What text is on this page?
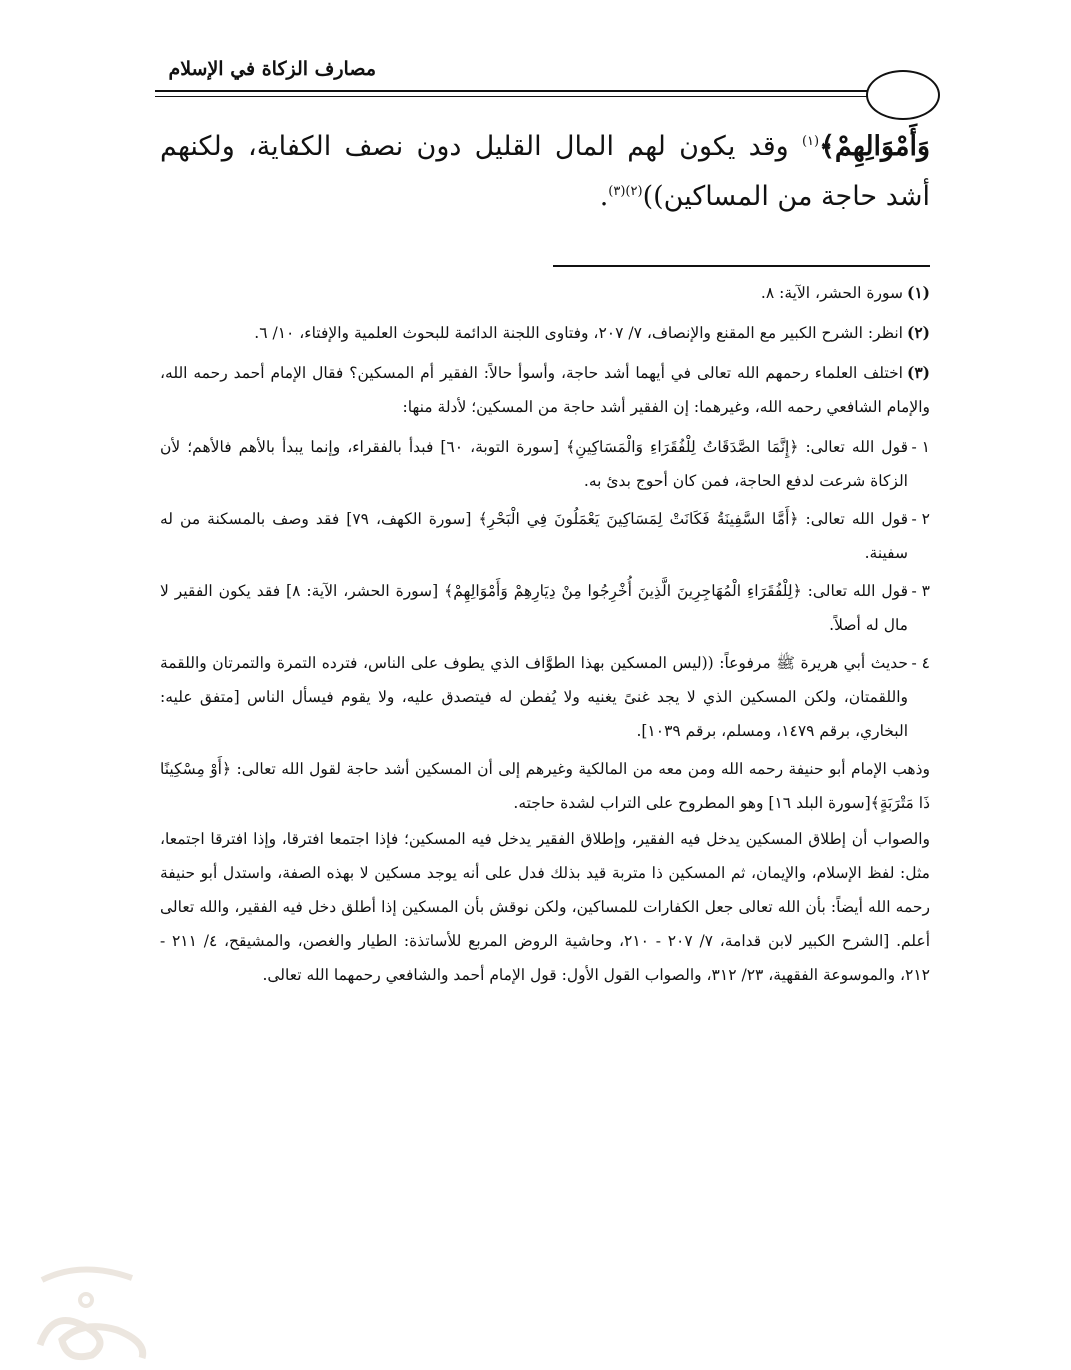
مصارف الزكاة في الإسلام
وَأَمْوَالِهِمْ﴾$^{(١)}$ وقد يكون لهم المال القليل دون نصف الكفاية، ولكنهم أشد حاجة من المساكين))$^{(٢)(٣)}$.
(١)سورة الحشر، الآية: ٨.
(٢)انظر: الشرح الكبير مع المقنع والإنصاف، ٧/ ٢٠٧، وفتاوى اللجنة الدائمة للبحوث العلمية والإفتاء، ١٠/ ٦.
(٣)اختلف العلماء رحمهم الله تعالى في أيهما أشد حاجة، وأسوأ حالاً: الفقير أم المسكين؟ فقال الإمام أحمد رحمه الله، والإمام الشافعي رحمه الله، وغيرهما: إن الفقير أشد حاجة من المسكين؛ لأدلة منها:
١ -
قول الله تعالى: ﴿إِنَّمَا الصَّدَقَاتُ لِلْفُقَرَاءِ وَالْمَسَاكِينِ﴾ [سورة التوبة، ٦٠] فبدأ بالفقراء، وإنما يبدأ بالأهم فالأهم؛ لأن الزكاة شرعت لدفع الحاجة، فمن كان أحوج بدئ به.
٢ -
قول الله تعالى: ﴿أَمَّا السَّفِينَةُ فَكَانَتْ لِمَسَاكِينَ يَعْمَلُونَ فِي الْبَحْرِ﴾ [سورة الكهف، ٧٩] فقد وصف بالمسكنة من له سفينة.
٣ -
قول الله تعالى: ﴿لِلْفُقَرَاءِ الْمُهَاجِرِينَ الَّذِينَ أُخْرِجُوا مِنْ دِيَارِهِمْ وَأَمْوَالِهِمْ﴾ [سورة الحشر، الآية: ٨] فقد يكون الفقير لا مال له أصلاً.
٤ -
حديث أبي هريرة ﷺ مرفوعاً: ((ليس المسكين بهذا الطوَّاف الذي يطوف على الناس، فترده التمرة والتمرتان واللقمة واللقمتان، ولكن المسكين الذي لا يجد غنىً يغنيه ولا يُفطن له فيتصدق عليه، ولا يقوم فيسأل الناس [متفق عليه: البخاري، برقم ١٤٧٩، ومسلم، برقم ١٠٣٩].
وذهب الإمام أبو حنيفة رحمه الله ومن معه من المالكية وغيرهم إلى أن المسكين أشد حاجة لقول الله تعالى: ﴿أَوْ مِسْكِينًا ذَا مَتْرَبَةٍ﴾[سورة البلد ١٦] وهو المطروح على التراب لشدة حاجته.
والصواب أن إطلاق المسكين يدخل فيه الفقير، وإطلاق الفقير يدخل فيه المسكين؛ فإذا اجتمعا افترقا، وإذا افترقا اجتمعا، مثل: لفظ الإسلام، والإيمان، ثم المسكين ذا متربة قيد بذلك فدل على أنه يوجد مسكين لا بهذه الصفة، واستدل أبو حنيفة رحمه الله أيضاً: بأن الله تعالى جعل الكفارات للمساكين، ولكن نوقش بأن المسكين إذا أطلق دخل فيه الفقير، والله تعالى أعلم. [الشرح الكبير لابن قدامة، ٧/ ٢٠٧ - ٢١٠، وحاشية الروض المربع للأساتذة: الطيار والغصن، والمشيقح، ٤/ ٢١١ - ٢١٢، والموسوعة الفقهية، ٢٣/ ٣١٢، والصواب القول الأول: قول الإمام أحمد والشافعي رحمهما الله تعالى.
